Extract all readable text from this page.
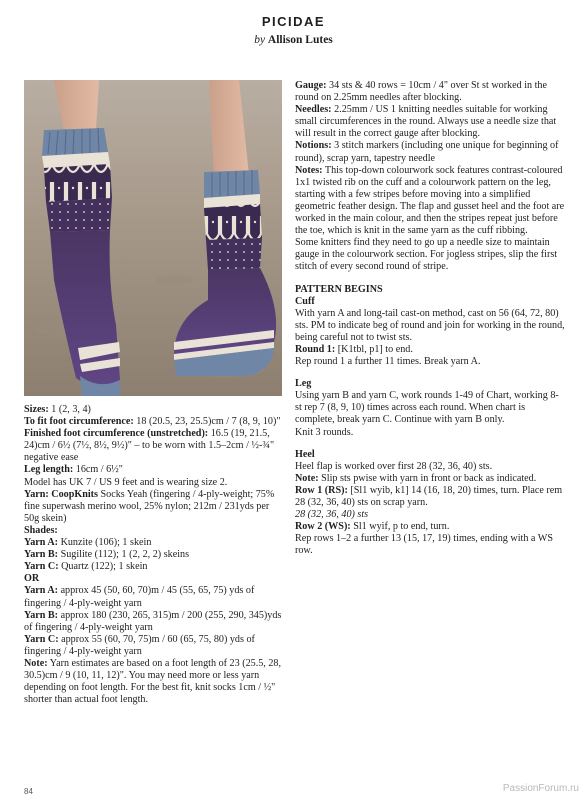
PICIDAE
by Allison Lutes

Sizes: 1 (2, 3, 4)

To fit foot circumference: 18 (20.5, 23, 25.5)cm / 7 (8, 9, 10)"

Finished foot circumference (unstretched): 16.5 (19, 21.5, 24)cm / 6½ (7½, 8½, 9½)" – to be worn with 1.5–2cm / ½-¾" negative ease

Leg length: 16cm / 6½"

Model has UK 7 / US 9 feet and is wearing size 2.

Yarn: CoopKnits Socks Yeah (fingering / 4-ply-weight; 75% fine superwash merino wool, 25% nylon; 212m / 231yds per 50g skein)

Shades:

Yarn A: Kunzite (106); 1 skein

Yarn B: Sugilite (112); 1 (2, 2, 2) skeins

Yarn C: Quartz (122); 1 skein

OR

Yarn A: approx 45 (50, 60, 70)m / 45 (55, 65, 75) yds of fingering / 4-ply-weight yarn

Yarn B: approx 180 (230, 265, 315)m / 200 (255, 290, 345)yds of fingering / 4-ply-weight yarn

Yarn C: approx 55 (60, 70, 75)m / 60 (65, 75, 80) yds of fingering / 4-ply-weight yarn

Note: Yarn estimates are based on a foot length of 23 (25.5, 28, 30.5)cm / 9 (10, 11, 12)". You may need more or less yarn depending on foot length. For the best fit, knit socks 1cm / ½" shorter than actual foot length.

Gauge: 34 sts & 40 rows = 10cm / 4" over St st worked in the round on 2.25mm needles after blocking.

Needles: 2.25mm / US 1 knitting needles suitable for working small circumferences in the round. Always use a needle size that will result in the correct gauge after blocking.

Notions: 3 stitch markers (including one unique for beginning of round), scrap yarn, tapestry needle

Notes: This top-down colourwork sock features contrast-coloured 1x1 twisted rib on the cuff and a colourwork pattern on the leg, starting with a few stripes before moving into a simplified geometric feather design. The flap and gusset heel and the foot are worked in the main colour, and then the stripes repeat just before the toe, which is knit in the same yarn as the cuff ribbing.

Some knitters find they need to go up a needle size to maintain gauge in the colourwork section. For jogless stripes, slip the first stitch of every second round of stripe.

PATTERN BEGINS

Cuff

With yarn A and long-tail cast-on method, cast on 56 (64, 72, 80) sts. PM to indicate beg of round and join for working in the round, being careful not to twist sts.

Round 1: [K1tbl, p1] to end.

Rep round 1 a further 11 times. Break yarn A.

Leg

Using yarn B and yarn C, work rounds 1-49 of Chart, working 8-st rep 7 (8, 9, 10) times across each round. When chart is complete, break yarn C. Continue with yarn B only.

Knit 3 rounds.

Heel

Heel flap is worked over first 28 (32, 36, 40) sts.

Note: Slip sts pwise with yarn in front or back as indicated.

Row 1 (RS): [Sl1 wyib, k1] 14 (16, 18, 20) times, turn. Place rem 28 (32, 36, 40) sts on scrap yarn.

28 (32, 36, 40) sts

Row 2 (WS): Sl1 wyif, p to end, turn.

Rep rows 1–2 a further 13 (15, 17, 19) times, ending with a WS row.

84	PassionForum.ru
